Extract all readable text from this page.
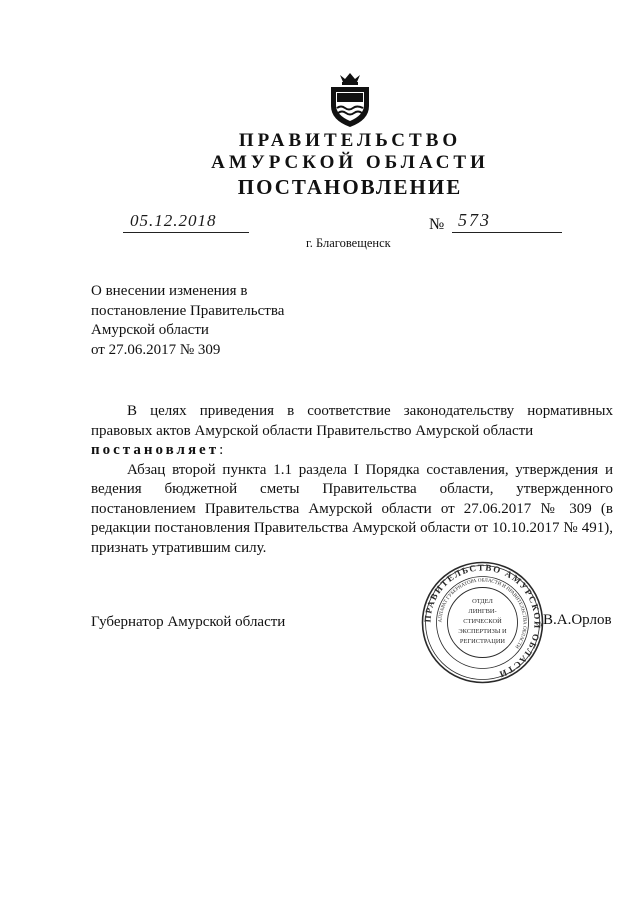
ПРАВИТЕЛЬСТВО
АМУРСКОЙ ОБЛАСТИ
ПОСТАНОВЛЕНИЕ
05.12.2018	№ 573
г. Благовещенск
О внесении изменения в
постановление Правительства
Амурской области
от 27.06.2017 № 309
В целях приведения в соответствие законодательству нормативных правовых актов Амурской области Правительство Амурской области
постановляет:
Абзац второй пункта 1.1 раздела I Порядка составления, утверждения и ведения бюджетной сметы Правительства области, утвержденного постановлением Правительства Амурской области от 27.06.2017 № 309 (в редакции постановления Правительства Амурской области от 10.10.2017 № 491), признать утратившим силу.
Губернатор Амурской области	ПРАВИТЕЛЬСТВО АМУРСКОЙ ОБЛАСТИ
АППАРАТ ГУБЕРНАТОРА ОБЛАСТИ И ПРАВИТЕЛЬСТВА ОБЛАСТИ
ОТДЕЛ
ЛИНГВИ-
СТИЧЕСКОЙ
ЭКСПЕРТИЗЫ И
РЕГИСТРАЦИИ
В.А.Орлов
